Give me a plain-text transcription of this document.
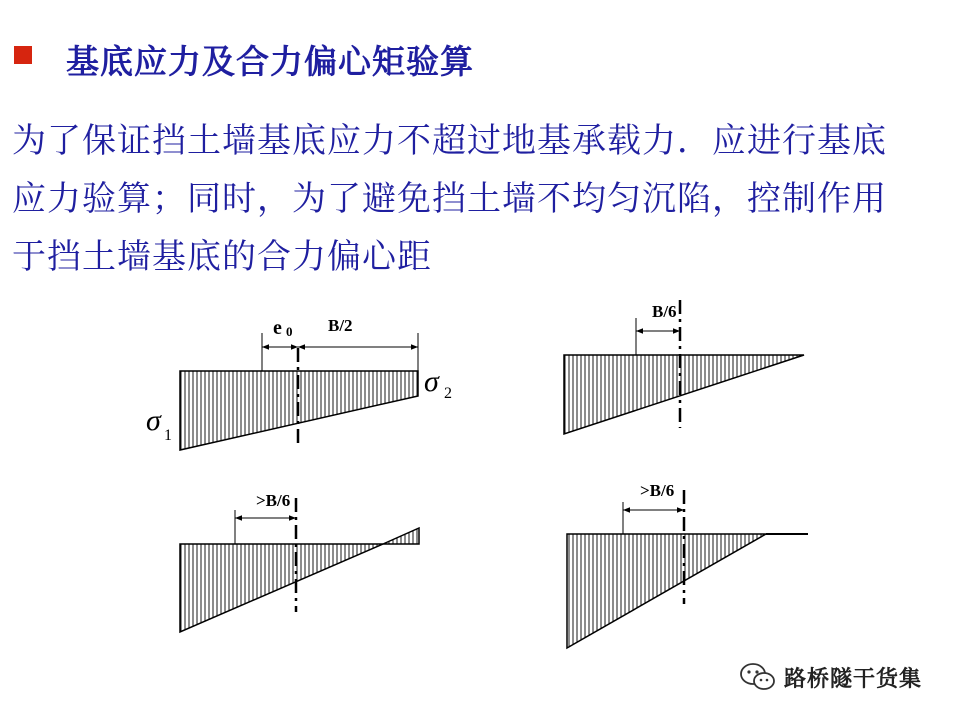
基底应力及合力偏心矩验算
为了保证挡土墙基底应力不超过地基承载力．应进行基底
应力验算；同时，为了避免挡土墙不均匀沉陷，控制作用
于挡土墙基底的合力偏心距
e 0 B/2
σ 1
σ 2
B/6
>B/6
>B/6
路桥隧干货集
